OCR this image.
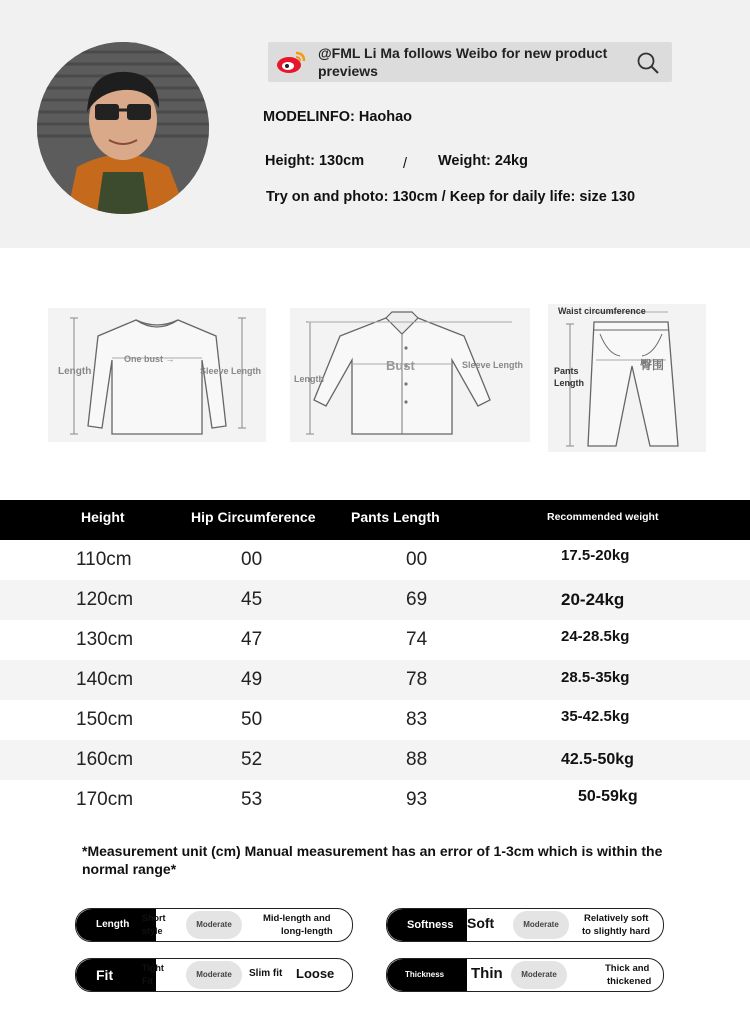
@FML Li Ma follows Weibo for new product previews
MODELINFO: Haohao
Height: 130cm	/ Weight: 24kg
Try on and photo: 130cm / Keep for daily life: size 130
Length
One bust →
Sleeve Length
Length
Bust	Sleeve Length
Waist circumference
Pants
Length
臀围
Height	Hip Circumference	Pants Length	Recommended weight
110cm	00	00	17.5-20kg
120cm	45	69	20-24kg
130cm	47	74	24-28.5kg
140cm	49	78	28.5-35kg
150cm	50	83	35-42.5kg
160cm	52	88	42.5-50kg
170cm	53	93	50-59kg
*Measurement unit (cm) Manual measurement has an error of 1-3cm which is within the normal range*
Length
Short
style
Moderate
Mid-length and
long-length
Softness Soft	Moderate
Relatively soft
to slightly hard
Fit	Tight
Fit
Moderate	Slim fit Loose	Thickness	Thin	Moderate
Thick and
thickened
